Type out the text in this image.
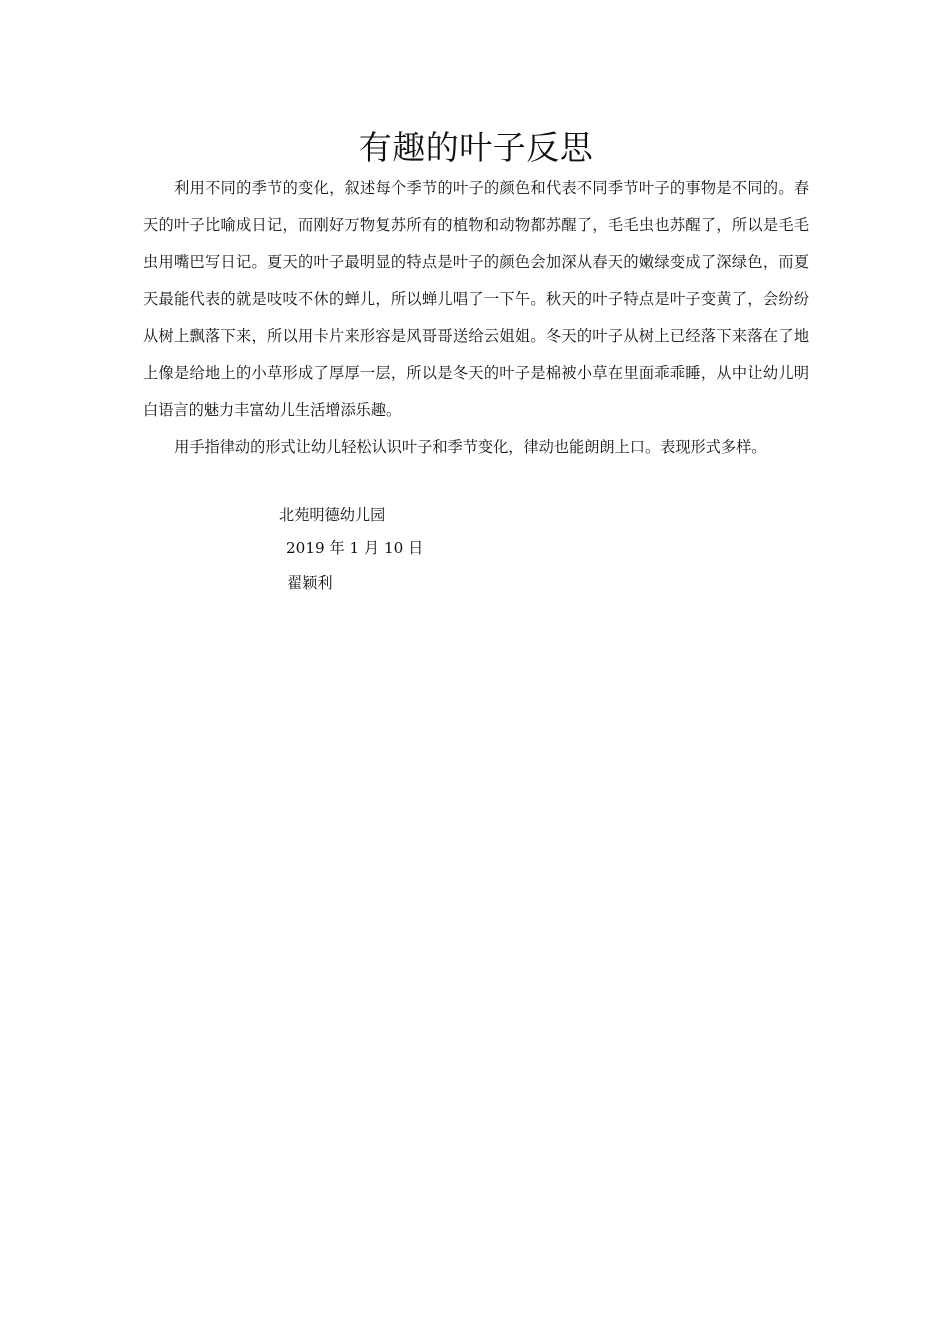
有趣的叶子反思

利用不同的季节的变化，叙述每个季节的叶子的颜色和代表不同季节叶子的事物是不同的。春天的叶子比喻成日记，而刚好万物复苏所有的植物和动物都苏醒了，毛毛虫也苏醒了，所以是毛毛虫用嘴巴写日记。夏天的叶子最明显的特点是叶子的颜色会加深从春天的嫩绿变成了深绿色，而夏天最能代表的就是吱吱不休的蝉儿，所以蝉儿唱了一下午。秋天的叶子特点是叶子变黄了，会纷纷从树上飘落下来，所以用卡片来形容是风哥哥送给云姐姐。冬天的叶子从树上已经落下来落在了地上像是给地上的小草形成了厚厚一层，所以是冬天的叶子是棉被小草在里面乖乖睡，从中让幼儿明白语言的魅力丰富幼儿生活增添乐趣。

用手指律动的形式让幼儿轻松认识叶子和季节变化，律动也能朗朗上口。表现形式多样。

北苑明德幼儿园
2019 年 1 月 10 日
翟颖利
